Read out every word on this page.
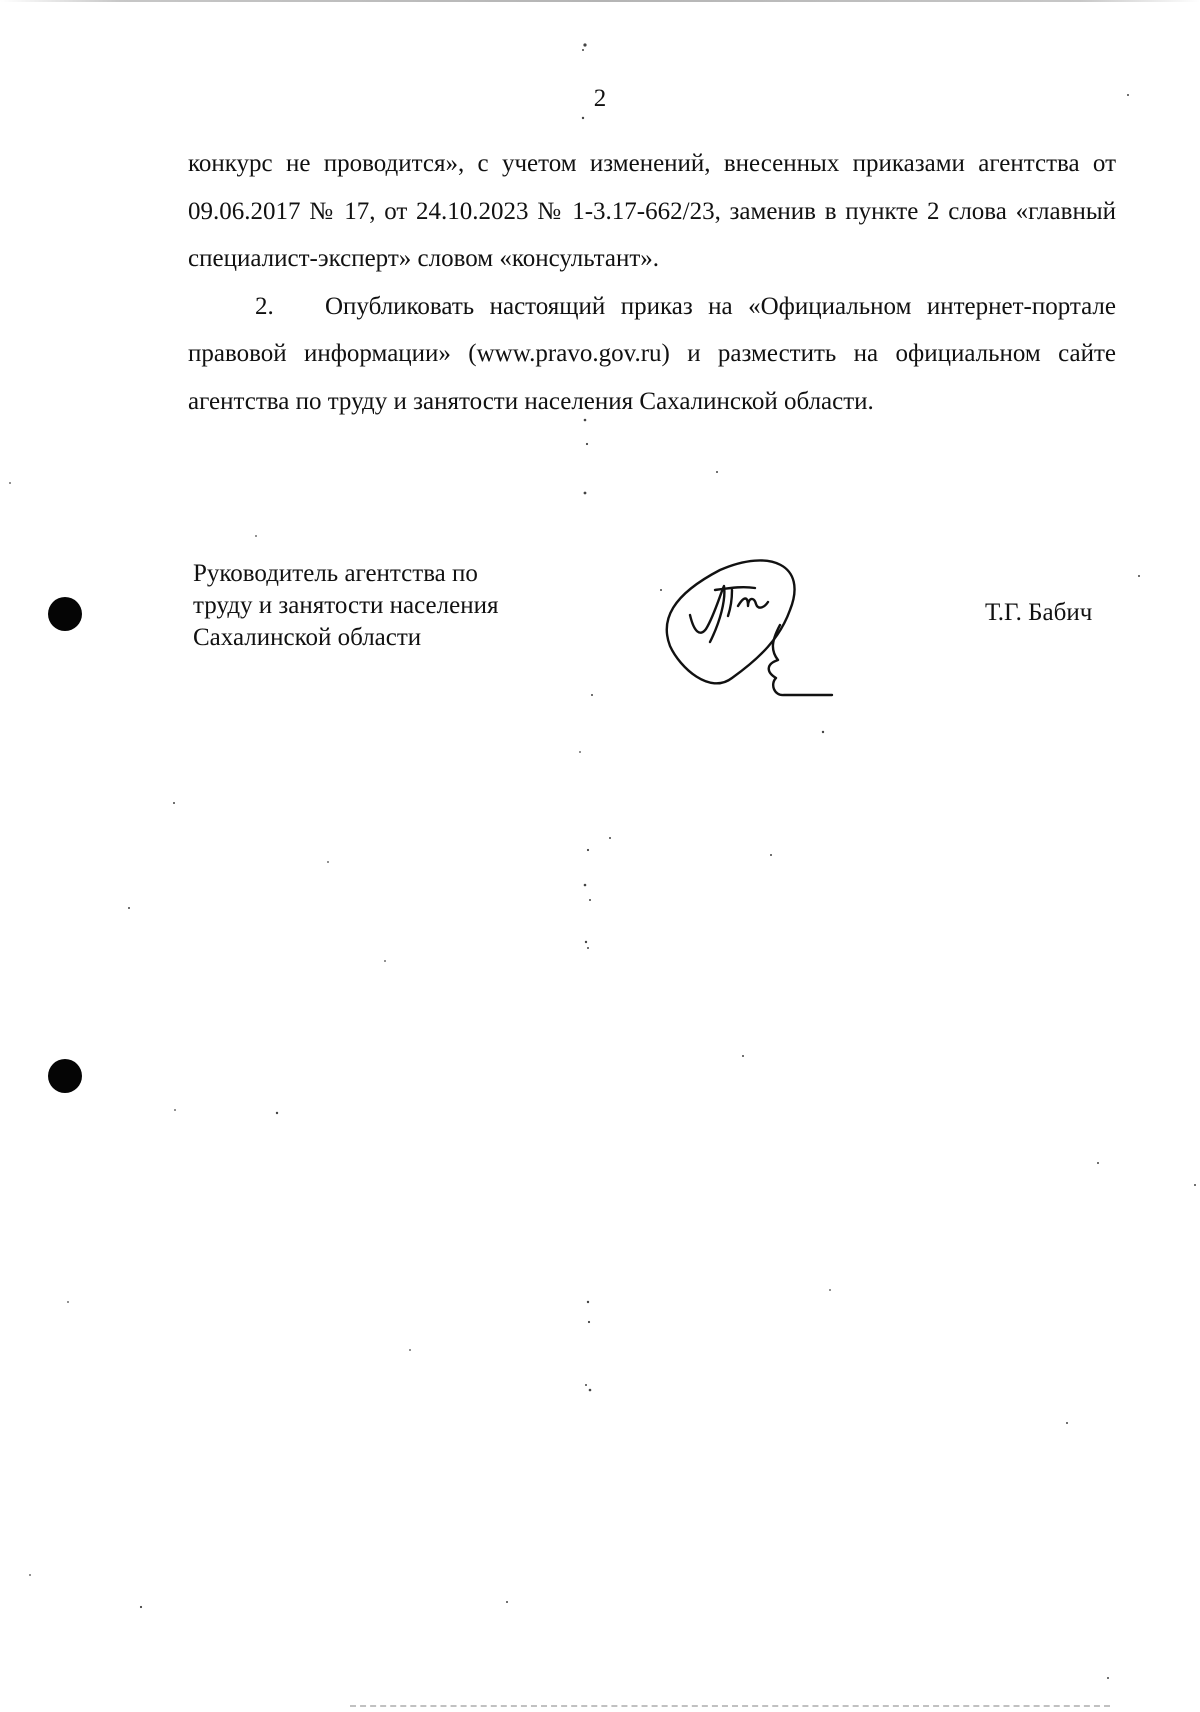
2

конкурс не проводится», с учетом изменений, внесенных приказами агентства от 09.06.2017 № 17, от 24.10.2023 № 1-3.17-662/23, заменив в пункте 2 слова «главный специалист-эксперт» словом «консультант».

2. Опубликовать настоящий приказ на «Официальном интернет-портале правовой информации» (www.pravo.gov.ru) и разместить на официальном сайте агентства по труду и занятости населения Сахалинской области.

Руководитель агентства по
труду и занятости населения
Сахалинской области
Т.Г. Бабич
